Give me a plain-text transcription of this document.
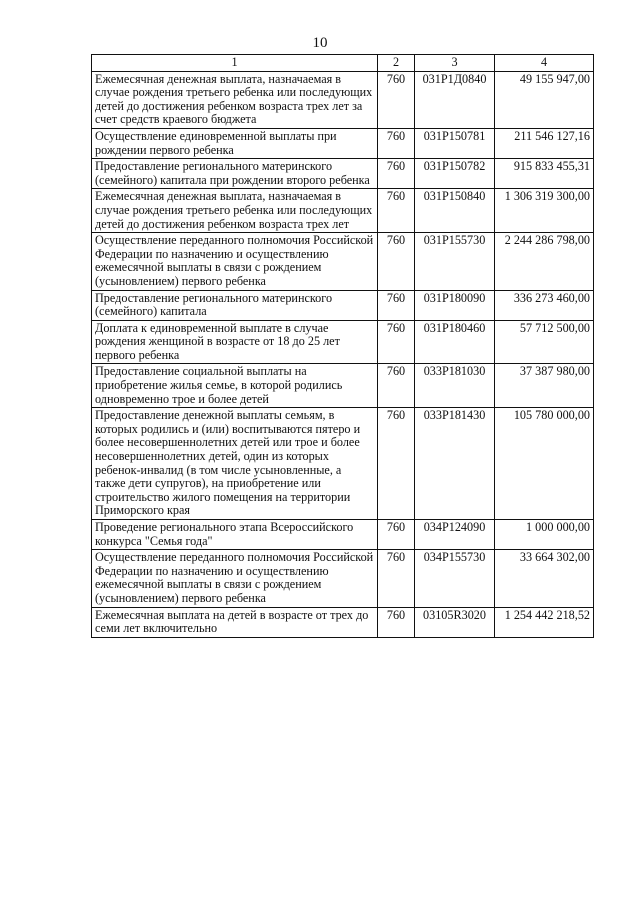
10
1	2	3	4
Ежемесячная денежная выплата, назначаемая в случае рождения третьего ребенка или последующих детей до достижения ребенком возраста трех лет за счет средств краевого бюджета	760	031Р1Д0840	49 155 947,00
Осуществление единовременной выплаты при рождении первого ребенка	760	031Р150781	211 546 127,16
Предоставление регионального материнского (семейного) капитала при рождении второго ребенка	760	031Р150782	915 833 455,31
Ежемесячная денежная выплата, назначаемая в случае рождения третьего ребенка или последующих детей до достижения ребенком возраста трех лет	760	031Р150840	1 306 319 300,00
Осуществление переданного полномочия Российской Федерации по назначению и осуществлению ежемесячной выплаты в связи с рождением (усыновлением) первого ребенка	760	031Р155730	2 244 286 798,00
Предоставление регионального материнского (семейного) капитала	760	031Р180090	336 273 460,00
Доплата к единовременной выплате в случае рождения женщиной в возрасте от 18 до 25 лет первого ребенка	760	031Р180460	57 712 500,00
Предоставление социальной выплаты на приобретение жилья семье, в которой родились одновременно трое и более детей	760	033Р181030	37 387 980,00
Предоставление денежной выплаты семьям, в которых родились и (или) воспитываются пятеро и более несовершеннолетних детей или трое и более несовершеннолетних детей, один из которых ребенок-инвалид (в том числе усыновленные, а также дети супругов), на приобретение или строительство жилого помещения на территории Приморского края	760	033Р181430	105 780 000,00
Проведение регионального этапа Всероссийского конкурса "Семья года"	760	034Р124090	1 000 000,00
Осуществление переданного полномочия Российской Федерации по назначению и осуществлению ежемесячной выплаты в связи с рождением (усыновлением) первого ребенка	760	034Р155730	33 664 302,00
Ежемесячная выплата на детей в возрасте от трех до семи лет включительно	760	03105R3020	1 254 442 218,52
